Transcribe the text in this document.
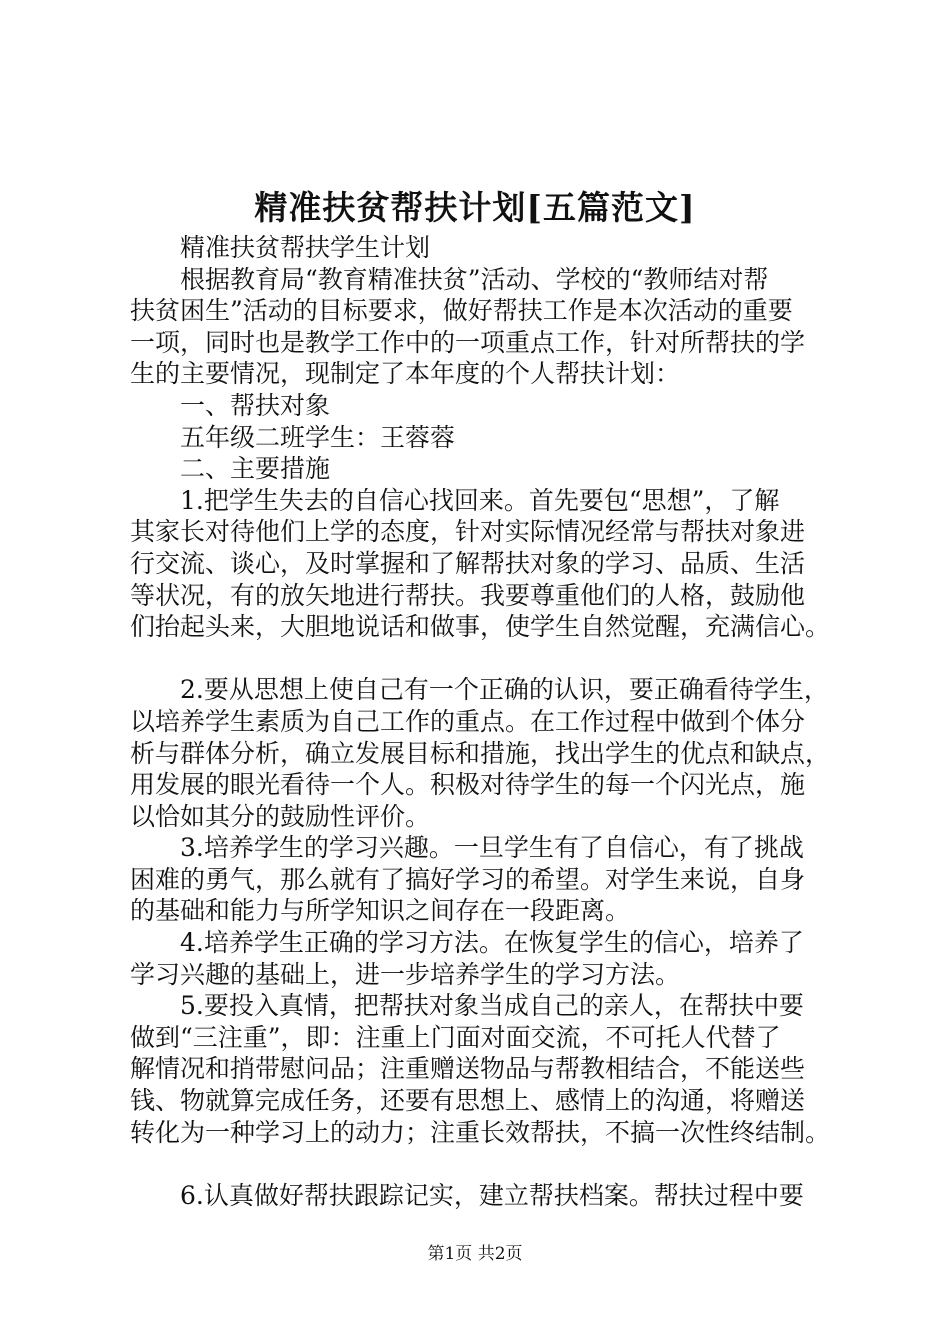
精准扶贫帮扶计划[五篇范文]
精准扶贫帮扶学生计划
根据教育局“教育精准扶贫”活动、学校的“教师结对帮
扶贫困生”活动的目标要求，做好帮扶工作是本次活动的重要
一项，同时也是教学工作中的一项重点工作，针对所帮扶的学
生的主要情况，现制定了本年度的个人帮扶计划：
一、帮扶对象
五年级二班学生：王蓉蓉
二、主要措施
1.把学生失去的自信心找回来。首先要包“思想”，了解
其家长对待他们上学的态度，针对实际情况经常与帮扶对象进
行交流、谈心，及时掌握和了解帮扶对象的学习、品质、生活
等状况，有的放矢地进行帮扶。我要尊重他们的人格，鼓励他
们抬起头来，大胆地说话和做事，使学生自然觉醒，充满信心。
2.要从思想上使自己有一个正确的认识，要正确看待学生，
以培养学生素质为自己工作的重点。在工作过程中做到个体分
析与群体分析，确立发展目标和措施，找出学生的优点和缺点，
用发展的眼光看待一个人。积极对待学生的每一个闪光点，施
以恰如其分的鼓励性评价。
3.培养学生的学习兴趣。一旦学生有了自信心，有了挑战
困难的勇气，那么就有了搞好学习的希望。对学生来说，自身
的基础和能力与所学知识之间存在一段距离。
4.培养学生正确的学习方法。在恢复学生的信心，培养了
学习兴趣的基础上，进一步培养学生的学习方法。
5.要投入真情，把帮扶对象当成自己的亲人，在帮扶中要
做到“三注重”，即：注重上门面对面交流，不可托人代替了
解情况和捎带慰问品；注重赠送物品与帮教相结合，不能送些
钱、物就算完成任务，还要有思想上、感情上的沟通，将赠送
转化为一种学习上的动力；注重长效帮扶，不搞一次性终结制。
6.认真做好帮扶跟踪记实，建立帮扶档案。帮扶过程中要
第1页 共2页
